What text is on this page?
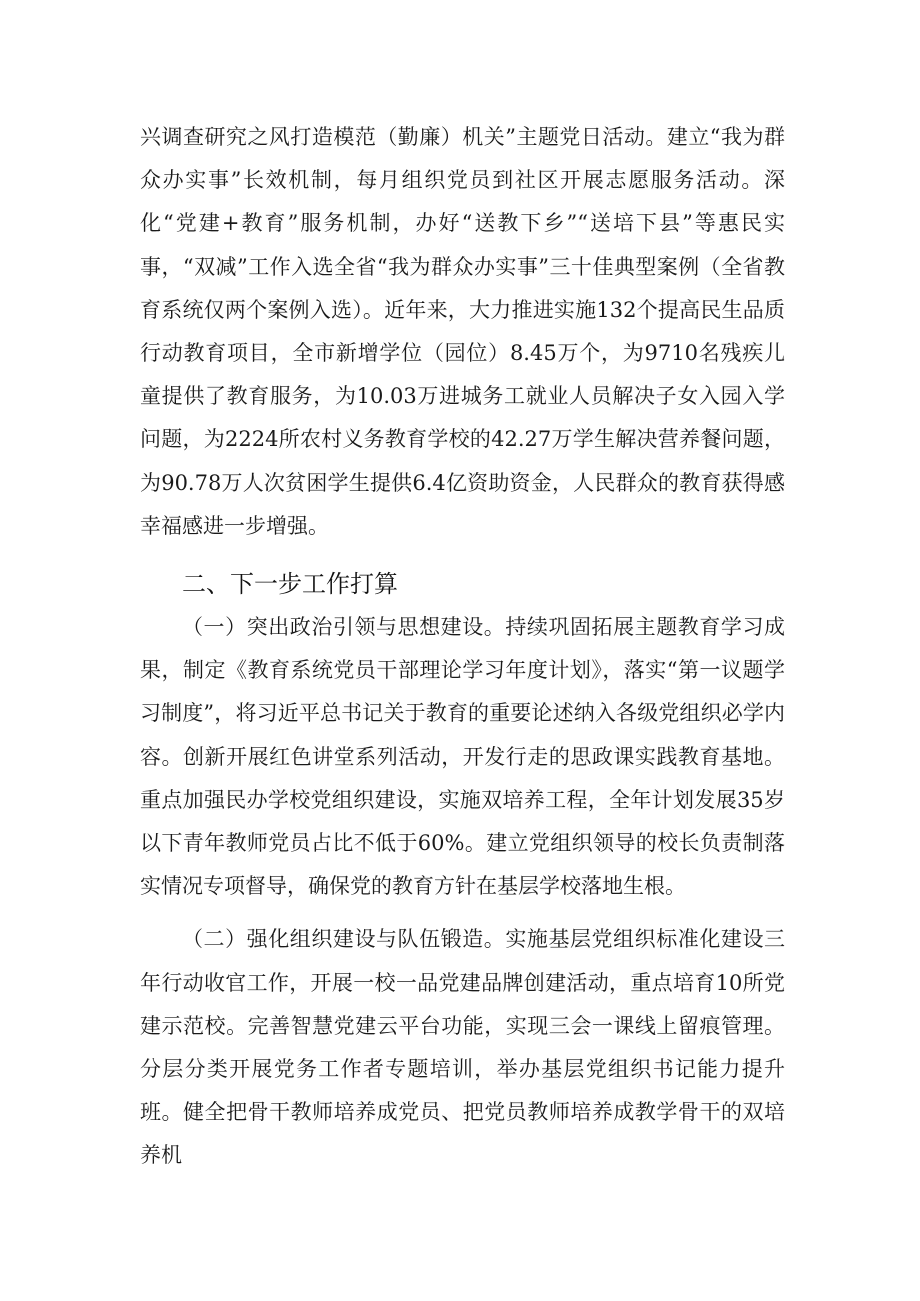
兴调查研究之风打造模范（勤廉）机关”主题党日活动。建立“我为群众办实事”长效机制，每月组织党员到社区开展志愿服务活动。深化“党建+教育”服务机制，办好“送教下乡”“送培下县”等惠民实事，“双减”工作入选全省“我为群众办实事”三十佳典型案例（全省教育系统仅两个案例入选）。近年来，大力推进实施132个提高民生品质行动教育项目，全市新增学位（园位）8.45万个，为9710名残疾儿童提供了教育服务，为10.03万进城务工就业人员解决子女入园入学问题，为2224所农村义务教育学校的42.27万学生解决营养餐问题，为90.78万人次贫困学生提供6.4亿资助资金，人民群众的教育获得感幸福感进一步增强。

二、下一步工作打算

（一）突出政治引领与思想建设。持续巩固拓展主题教育学习成果，制定《教育系统党员干部理论学习年度计划》，落实“第一议题学习制度”，将习近平总书记关于教育的重要论述纳入各级党组织必学内容。创新开展红色讲堂系列活动，开发行走的思政课实践教育基地。重点加强民办学校党组织建设，实施双培养工程，全年计划发展35岁以下青年教师党员占比不低于60%。建立党组织领导的校长负责制落实情况专项督导，确保党的教育方针在基层学校落地生根。

（二）强化组织建设与队伍锻造。实施基层党组织标准化建设三年行动收官工作，开展一校一品党建品牌创建活动，重点培育10所党建示范校。完善智慧党建云平台功能，实现三会一课线上留痕管理。分层分类开展党务工作者专题培训，举办基层党组织书记能力提升班。健全把骨干教师培养成党员、把党员教师培养成教学骨干的双培养机
